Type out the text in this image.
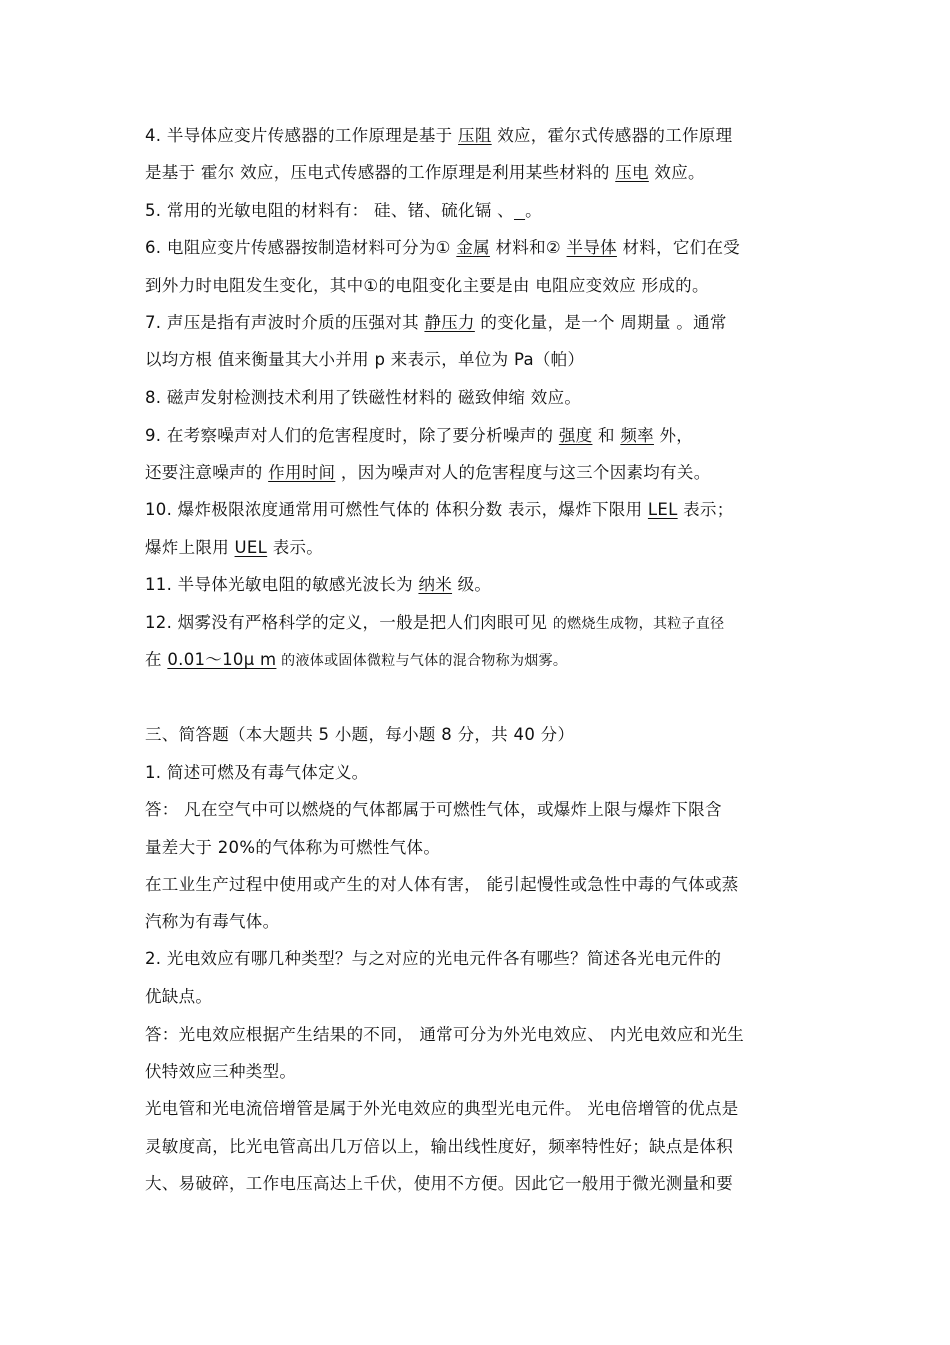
4. 半导体应变片传感器的工作原理是基于 压阻 效应，霍尔式传感器的工作原理
是基于 霍尔 效应，压电式传感器的工作原理是利用某些材料的 压电 效应。
5. 常用的光敏电阻的材料有： 硅、锗、硫化镉 、 。
6. 电阻应变片传感器按制造材料可分为① 金属 材料和② 半导体 材料，它们在受
到外力时电阻发生变化，其中①的电阻变化主要是由 电阻应变效应 形成的。
7. 声压是指有声波时介质的压强对其 静压力 的变化量，是一个 周期量 。通常
以均方根 值来衡量其大小并用 p 来表示，单位为 Pa（帕）
8. 磁声发射检测技术利用了铁磁性材料的 磁致伸缩 效应。
9. 在考察噪声对人们的危害程度时，除了要分析噪声的 强度 和 频率 外，
还要注意噪声的 作用时间 ，因为噪声对人的危害程度与这三个因素均有关。
10. 爆炸极限浓度通常用可燃性气体的 体积分数 表示，爆炸下限用 LEL 表示；
爆炸上限用 UEL 表示。
11. 半导体光敏电阻的敏感光波长为 纳米 级。
12. 烟雾没有严格科学的定义，一般是把人们肉眼可见 的燃烧生成物，其粒子直径
在 0.01～10μ m 的液体或固体微粒与气体的混合物称为烟雾。
三、简答题（本大题共 5 小题，每小题 8 分，共 40 分）
1. 简述可燃及有毒气体定义。
答： 凡在空气中可以燃烧的气体都属于可燃性气体，或爆炸上限与爆炸下限含
量差大于 20%的气体称为可燃性气体。
在工业生产过程中使用或产生的对人体有害， 能引起慢性或急性中毒的气体或蒸
汽称为有毒气体。
2. 光电效应有哪几种类型？与之对应的光电元件各有哪些？简述各光电元件的
优缺点。
答：光电效应根据产生结果的不同， 通常可分为外光电效应、 内光电效应和光生
伏特效应三种类型。
光电管和光电流倍增管是属于外光电效应的典型光电元件。 光电倍增管的优点是
灵敏度高，比光电管高出几万倍以上，输出线性度好，频率特性好；缺点是体积
大、易破碎，工作电压高达上千伏，使用不方便。因此它一般用于微光测量和要
